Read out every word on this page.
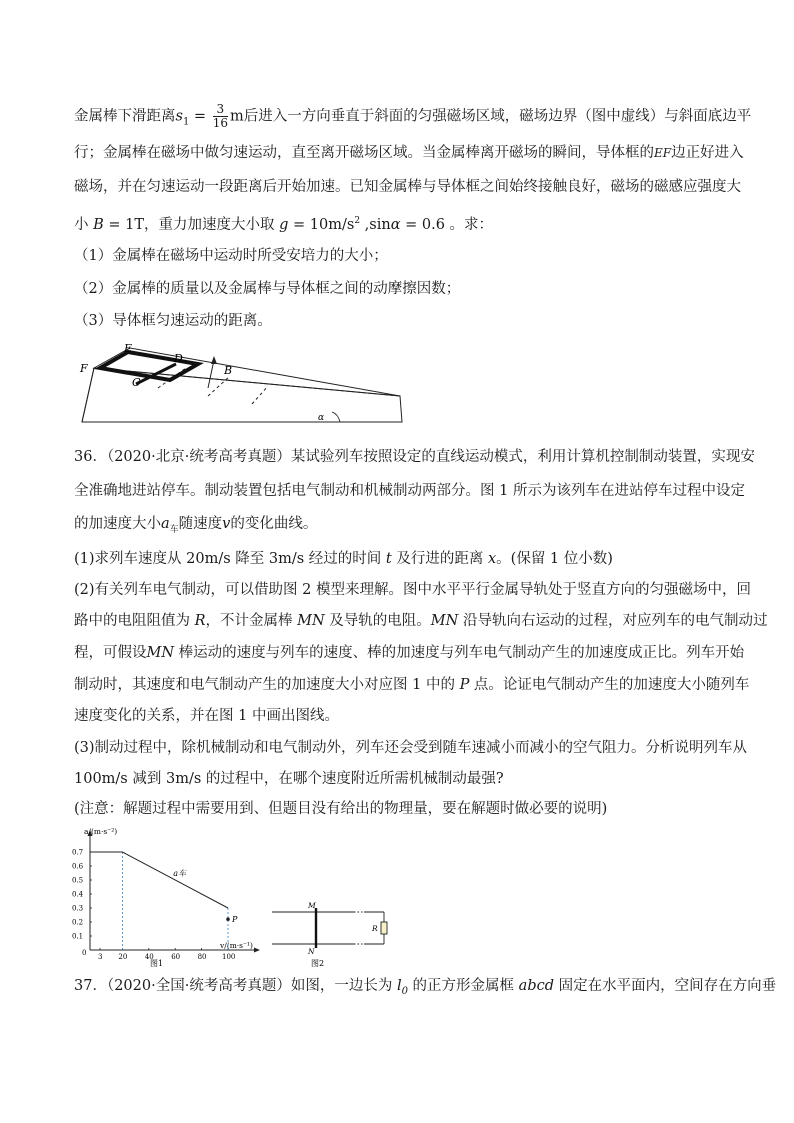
金属棒下滑距离$s_1 = \frac{3}{16}$ m后进入一方向垂直于斜面的匀强磁场区域，磁场边界（图中虚线）与斜面底边平
行；金属棒在磁场中做匀速运动，直至离开磁场区域。当金属棒离开磁场的瞬间，导体框的EF边正好进入
磁场，并在匀速运动一段距离后开始加速。已知金属棒与导体框之间始终接触良好，磁场的磁感应强度大
小 B = 1T，重力加速度大小取 $g = 10m/s^2$ ,sinα = 0.6 。求：
（1）金属棒在磁场中运动时所受安培力的大小；
（2）金属棒的质量以及金属棒与导体框之间的动摩擦因数；
（3）导体框匀速运动的距离。
E
F
D
C
B
α
36．（2020·北京·统考高考真题）某试验列车按照设定的直线运动模式，利用计算机控制制动装置，实现安
全准确地进站停车。制动装置包括电气制动和机械制动两部分。图 1 所示为该列车在进站停车过程中设定
的加速度大小$a_车$随速度v的变化曲线。
(1)求列车速度从 20m/s 降至 3m/s 经过的时间 t 及行进的距离 x。(保留 1 位小数)
(2)有关列车电气制动，可以借助图 2 模型来理解。图中水平平行金属导轨处于竖直方向的匀强磁场中，回
路中的电阻阻值为 R，不计金属棒 MN 及导轨的电阻。MN 沿导轨向右运动的过程，对应列车的电气制动过
程，可假设MN 棒运动的速度与列车的速度、棒的加速度与列车电气制动产生的加速度成正比。列车开始
制动时，其速度和电气制动产生的加速度大小对应图 1 中的 P 点。论证电气制动产生的加速度大小随列车
速度变化的关系，并在图 1 中画出图线。
(3)制动过程中，除机械制动和电气制动外，列车还会受到随车速减小而减小的空气阻力。分析说明列车从
100m/s 减到 3m/s 的过程中，在哪个速度附近所需机械制动最强?
(注意：解题过程中需要用到、但题目没有给出的物理量，要在解题时做必要的说明)
a/(m·s⁻²)
v/(m·s⁻¹)
0.1
0.2
0.3
0.4
0.5
0.6
0.7
0 3 20 40 60 80 100
a车
P
图1
M
N
R
图2
37．（2020·全国·统考高考真题）如图，一边长为 $l_0$ 的正方形金属框 abcd 固定在水平面内，空间存在方向垂
